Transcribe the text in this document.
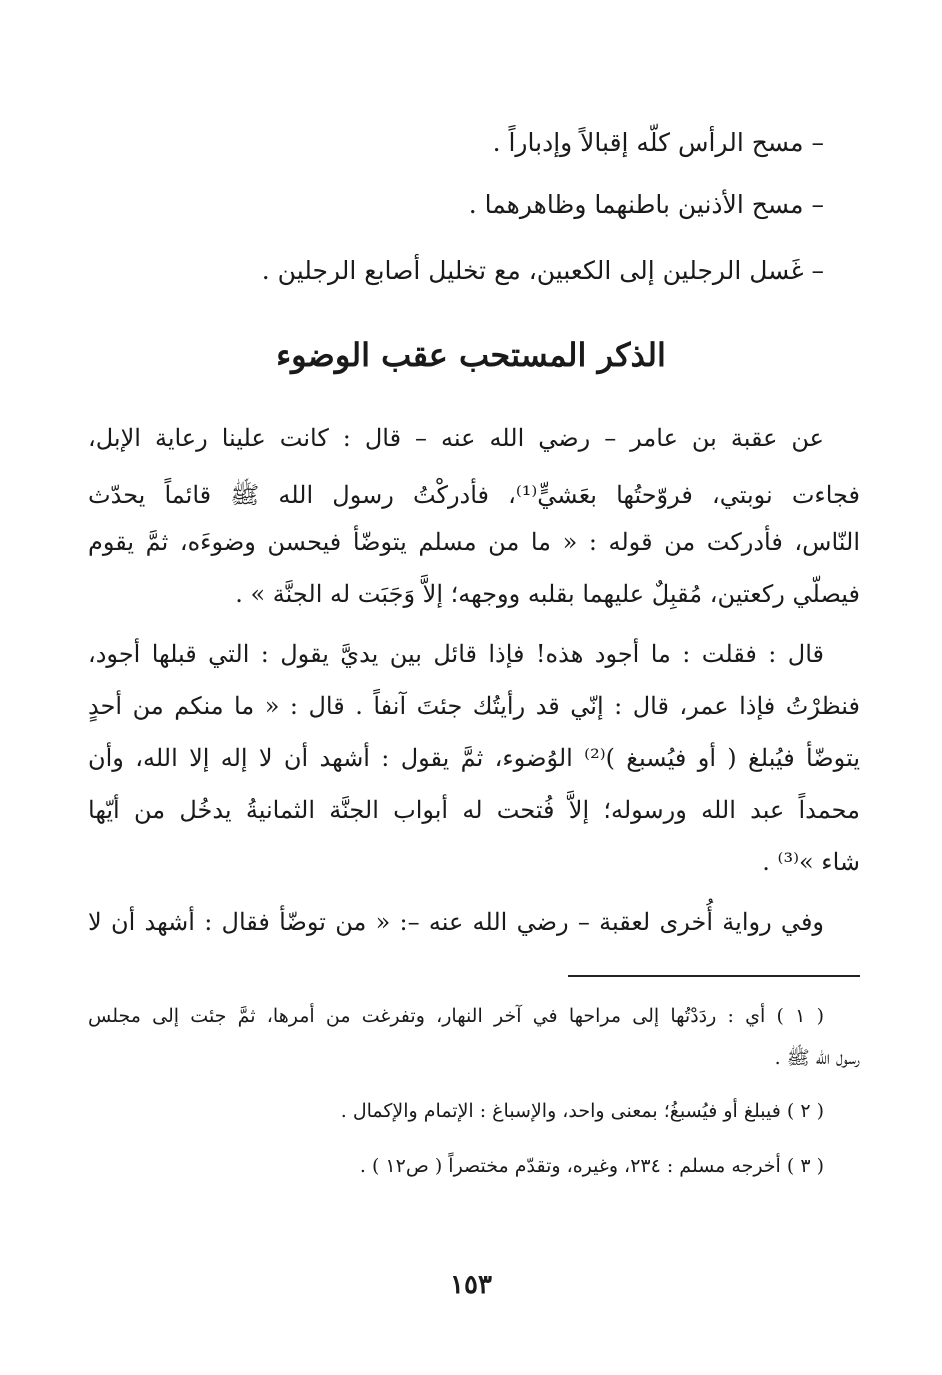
– مسح الرأس كلّه إقبالاً وإدباراً .
– مسح الأذنين باطنهما وظاهرهما .
– غَسل الرجلين إلى الكعبين، مع تخليل أصابع الرجلين .
الذكر المستحب عقب الوضوء
عن عقبة بن عامر – رضي الله عنه – قال : كانت علينا رعاية الإبل،
فجاءت نوبتي، فروّحتُها بعَشيٍّ⁽¹⁾، فأدركْتُ رسول الله ﷺ قائماً يحدّث
النّاس، فأدركت من قوله : « ما من مسلم يتوضّأ فيحسن وضوءَه، ثمَّ يقوم
فيصلّي ركعتين، مُقبِلٌ عليهما بقلبه ووجهه؛ إلاَّ وَجَبَت له الجنَّة » .
قال : فقلت : ما أجود هذه! فإذا قائل بين يديَّ يقول : التي قبلها أجود،
فنظرْتُ فإذا عمر، قال : إنّي قد رأيتُك جئتَ آنفاً . قال : « ما منكم من أحدٍ
يتوضّأ فيُبلغ ( أو فيُسبغ )⁽²⁾ الوُضوء، ثمَّ يقول : أشهد أن لا إله إلا الله، وأن
محمداً عبد الله ورسوله؛ إلاَّ فُتحت له أبواب الجنَّة الثمانيةُ يدخُل من أيّها
شاء »⁽³⁾ .
وفي رواية أُخرى لعقبة – رضي الله عنه –: « من توضّأ فقال : أشهد أن لا
( ١ ) أي : ردَدْتُها إلى مراحها في آخر النهار، وتفرغت من أمرها، ثمَّ جئت إلى مجلس
رسول الله ﷺ .
( ٢ ) فيبلغ أو فيُسبغُ؛ بمعنى واحد، والإسباغ : الإتمام والإكمال .
( ٣ ) أخرجه مسلم : ٢٣٤، وغيره، وتقدّم مختصراً ( ص١٢ ) .
١٥٣
